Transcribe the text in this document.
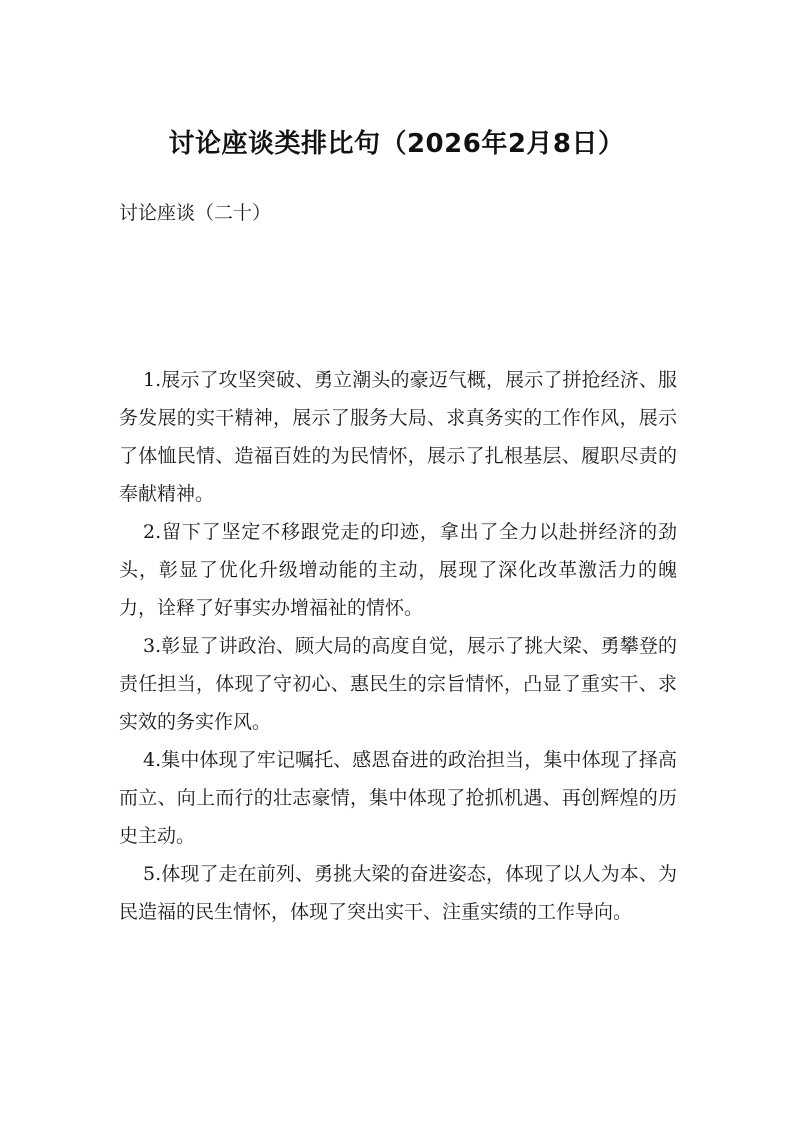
讨论座谈类排比句（2026年2月8日）

讨论座谈（二十）

1.展示了攻坚突破、勇立潮头的豪迈气概，展示了拼抢经济、服务发展的实干精神，展示了服务大局、求真务实的工作作风，展示了体恤民情、造福百姓的为民情怀，展示了扎根基层、履职尽责的奉献精神。

2.留下了坚定不移跟党走的印迹，拿出了全力以赴拼经济的劲头，彰显了优化升级增动能的主动，展现了深化改革激活力的魄力，诠释了好事实办增福祉的情怀。

3.彰显了讲政治、顾大局的高度自觉，展示了挑大梁、勇攀登的责任担当，体现了守初心、惠民生的宗旨情怀，凸显了重实干、求实效的务实作风。

4.集中体现了牢记嘱托、感恩奋进的政治担当，集中体现了择高而立、向上而行的壮志豪情，集中体现了抢抓机遇、再创辉煌的历史主动。

5.体现了走在前列、勇挑大梁的奋进姿态，体现了以人为本、为民造福的民生情怀，体现了突出实干、注重实绩的工作导向。
